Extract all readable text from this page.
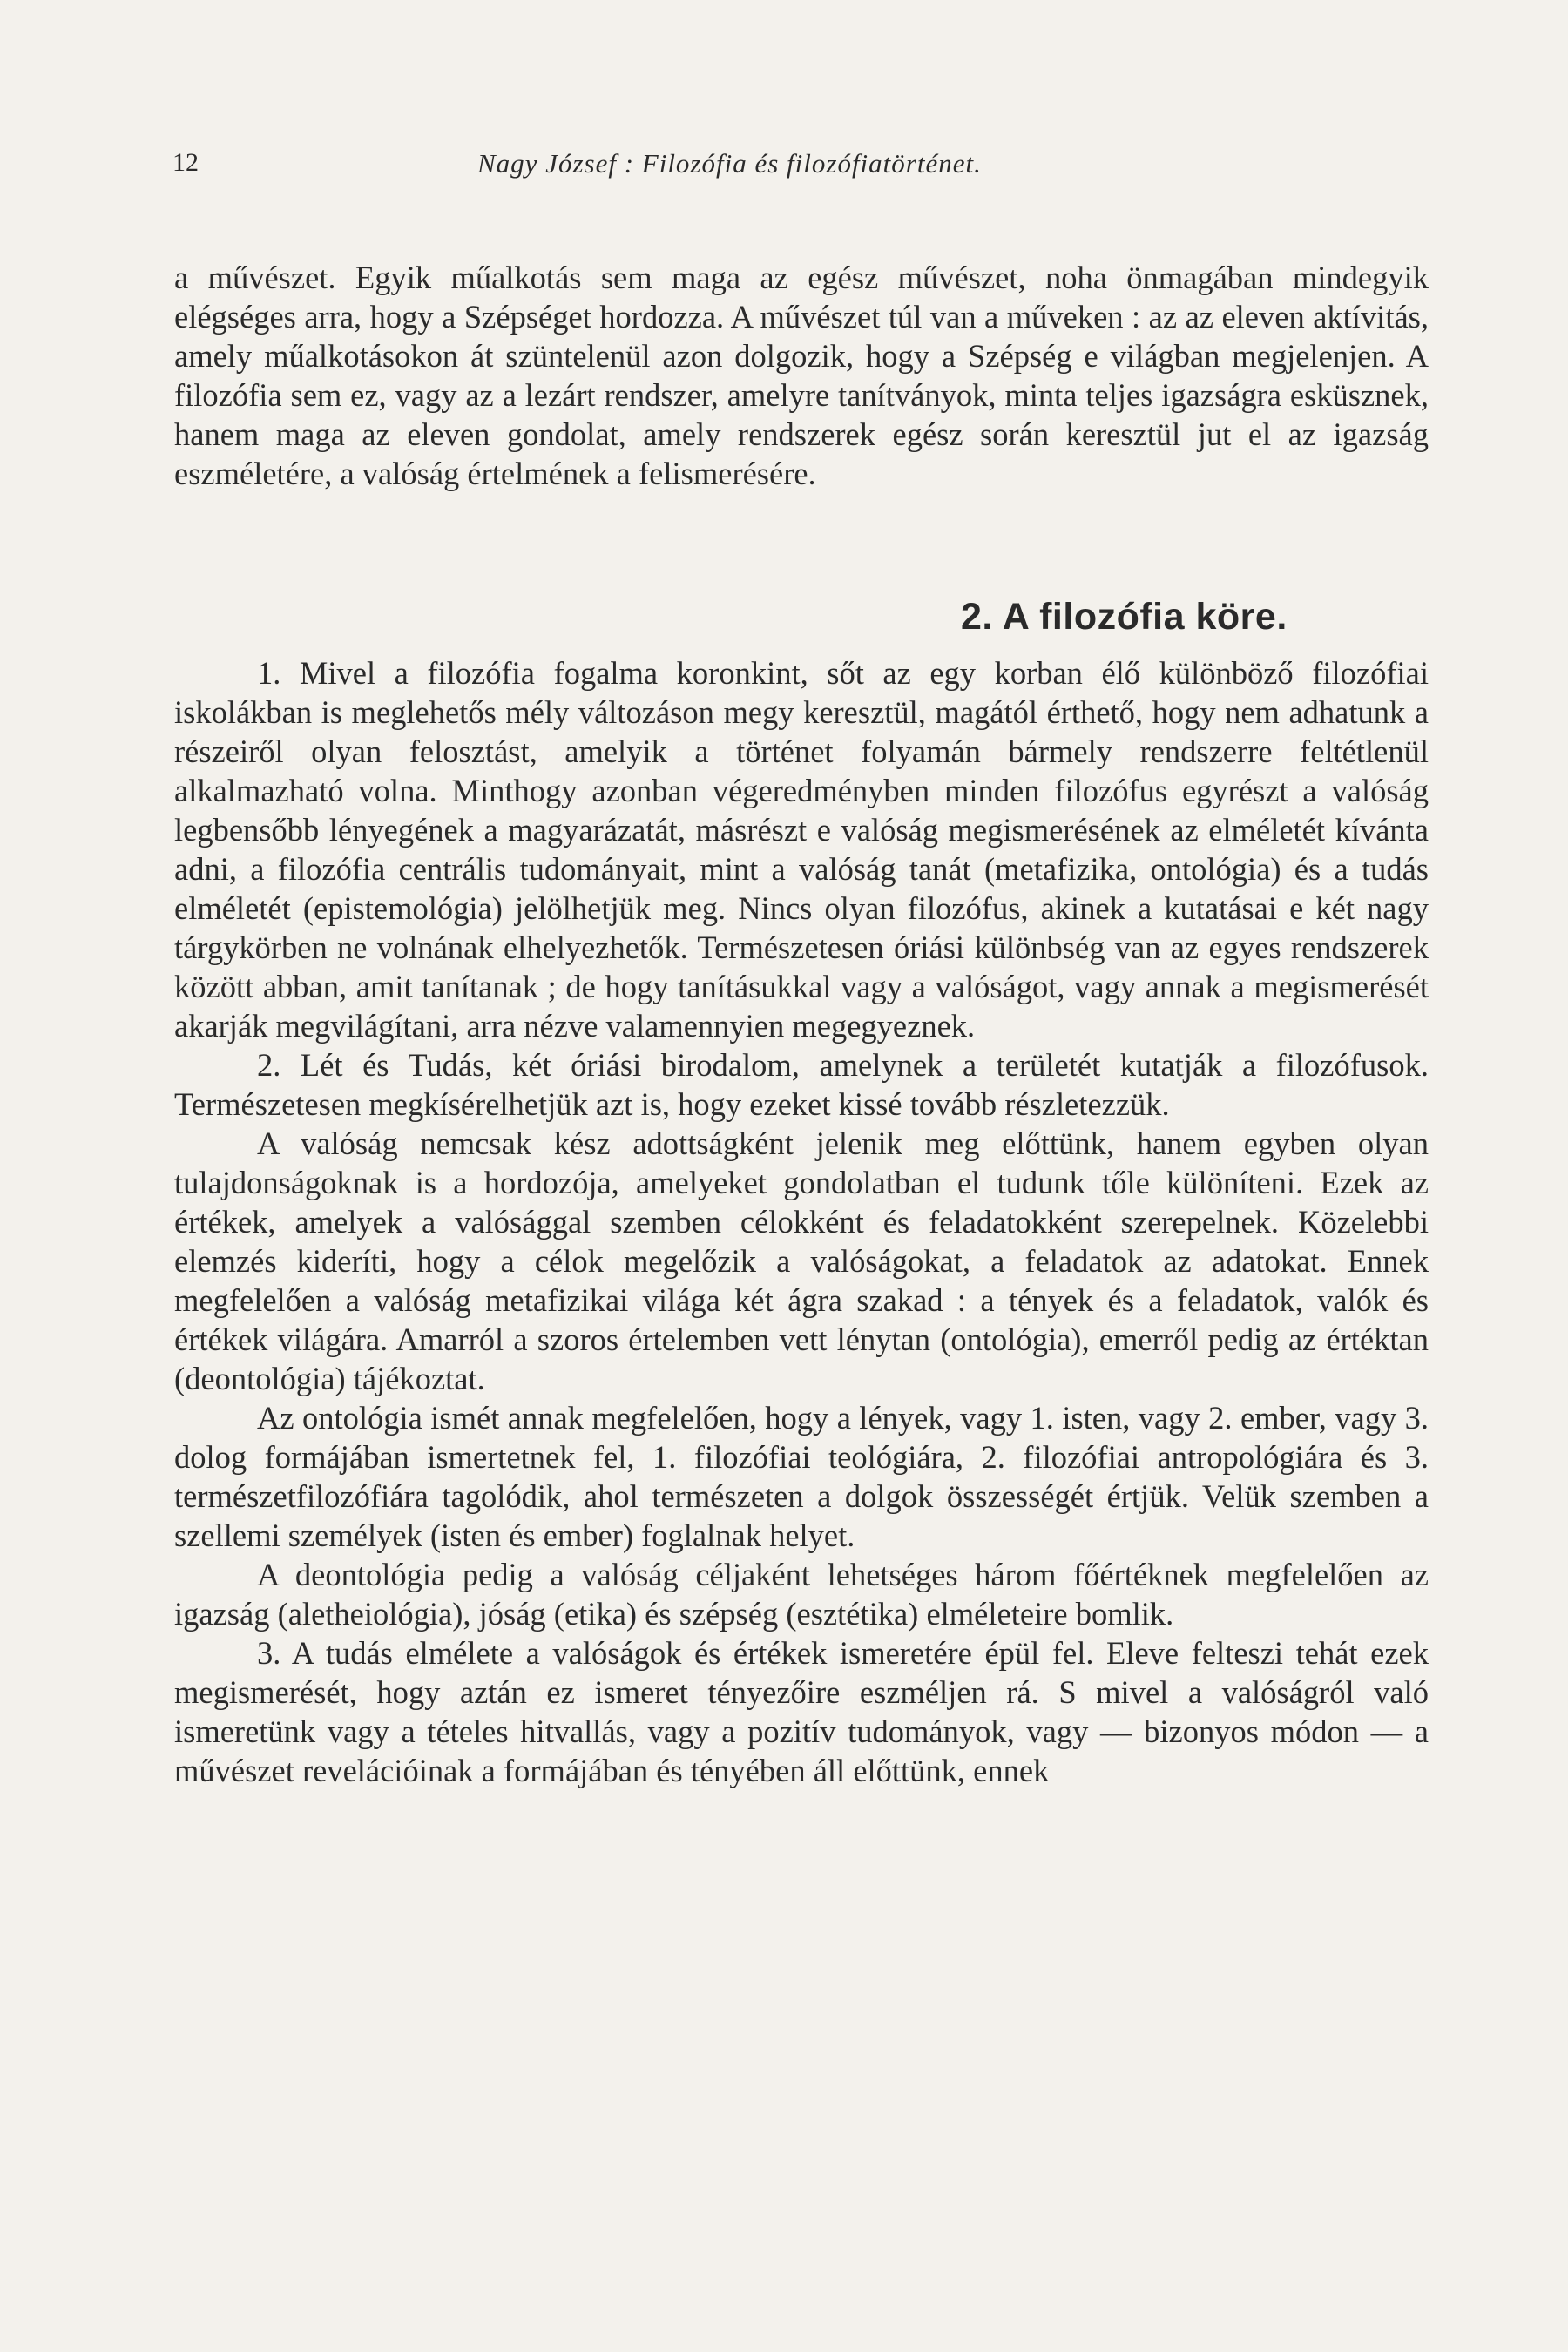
12	Nagy József : Filozófia és filozófiatörténet.

a művészet. Egyik műalkotás sem maga az egész művészet, noha önmagában mindegyik elégséges arra, hogy a Szépséget hordozza. A művészet túl van a műveken : az az eleven aktívitás, amely műalkotásokon át szüntelenül azon dolgozik, hogy a Szépség e világban megjelenjen. A filozófia sem ez, vagy az a lezárt rendszer, amelyre tanítványok, minta teljes igazságra esküsznek, hanem maga az eleven gondolat, amely rendszerek egész során keresztül jut el az igazság eszméletére, a valóság értelmének a felismerésére.

2. A filozófia köre.

1. Mivel a filozófia fogalma koronkint, sőt az egy korban élő különböző filozófiai iskolákban is meglehetős mély változáson megy keresztül, magától érthető, hogy nem adhatunk a részeiről olyan felosztást, amelyik a történet folyamán bármely rendszerre feltétlenül alkalmazható volna. Minthogy azonban végeredményben minden filozófus egyrészt a valóság legbensőbb lényegének a magyarázatát, másrészt e valóság megismerésének az elméletét kívánta adni, a filozófia centrális tudományait, mint a valóság tanát (metafizika, ontológia) és a tudás elméletét (epistemológia) jelölhetjük meg. Nincs olyan filozófus, akinek a kutatásai e két nagy tárgykörben ne volnának elhelyezhetők. Természetesen óriási különbség van az egyes rendszerek között abban, amit tanítanak ; de hogy tanításukkal vagy a valóságot, vagy annak a megismerését akarják megvilágítani, arra nézve valamennyien megegyeznek.

2. Lét és Tudás, két óriási birodalom, amelynek a területét kutatják a filozófusok. Természetesen megkísérelhetjük azt is, hogy ezeket kissé tovább részletezzük.

A valóság nemcsak kész adottságként jelenik meg előttünk, hanem egyben olyan tulajdonságoknak is a hordozója, amelyeket gondolatban el tudunk tőle különíteni. Ezek az értékek, amelyek a valósággal szemben célokként és feladatokként szerepelnek. Közelebbi elemzés kideríti, hogy a célok megelőzik a valóságokat, a feladatok az adatokat. Ennek megfelelően a valóság metafizikai világa két ágra szakad : a tények és a feladatok, valók és értékek világára. Amarról a szoros értelemben vett lénytan (ontológia), emerről pedig az értéktan (deontológia) tájékoztat.

Az ontológia ismét annak megfelelően, hogy a lények, vagy 1. isten, vagy 2. ember, vagy 3. dolog formájában ismertetnek fel, 1. filozófiai teológiára, 2. filozófiai antropológiára és 3. természetfilozófiára tagolódik, ahol természeten a dolgok összességét értjük. Velük szemben a szellemi személyek (isten és ember) foglalnak helyet.

A deontológia pedig a valóság céljaként lehetséges három főértéknek megfelelően az igazság (aletheiológia), jóság (etika) és szépség (esztétika) elméleteire bomlik.

3. A tudás elmélete a valóságok és értékek ismeretére épül fel. Eleve felteszi tehát ezek megismerését, hogy aztán ez ismeret tényezőire eszméljen rá. S mivel a valóságról való ismeretünk vagy a tételes hitvallás, vagy a pozitív tudományok, vagy — bizonyos módon — a művészet revelációinak a formájában és tényében áll előttünk, ennek
